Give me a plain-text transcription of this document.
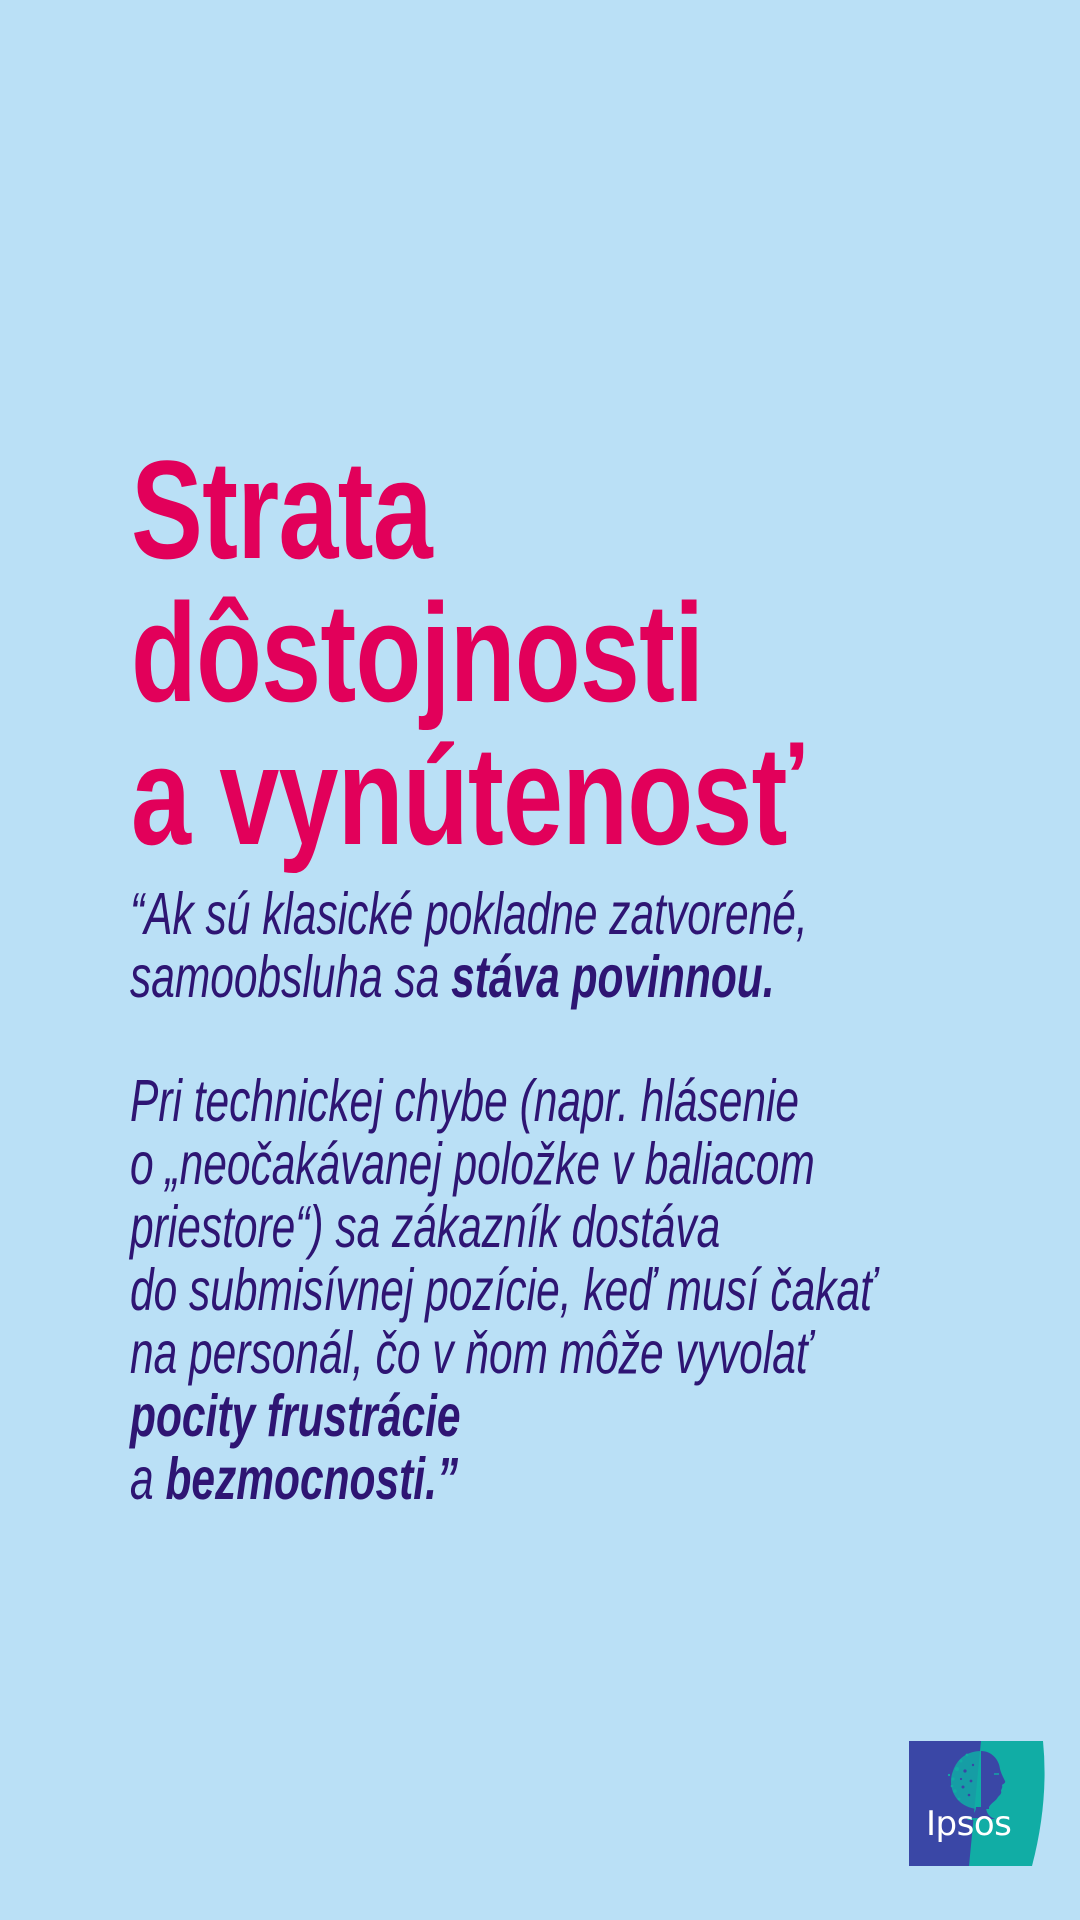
Strata
dôstojnosti
a vynútenosť
“Ak sú klasické pokladne zatvorené,
samoobsluha sa stáva povinnou.
Pri technickej chybe (napr. hlásenie
o „neočakávanej položke v baliacom
priestore“) sa zákazník dostáva
do submisívnej pozície, keď musí čakať
na personál, čo v ňom môže vyvolať
pocity frustrácie
a bezmocnosti.”
Ipsos
